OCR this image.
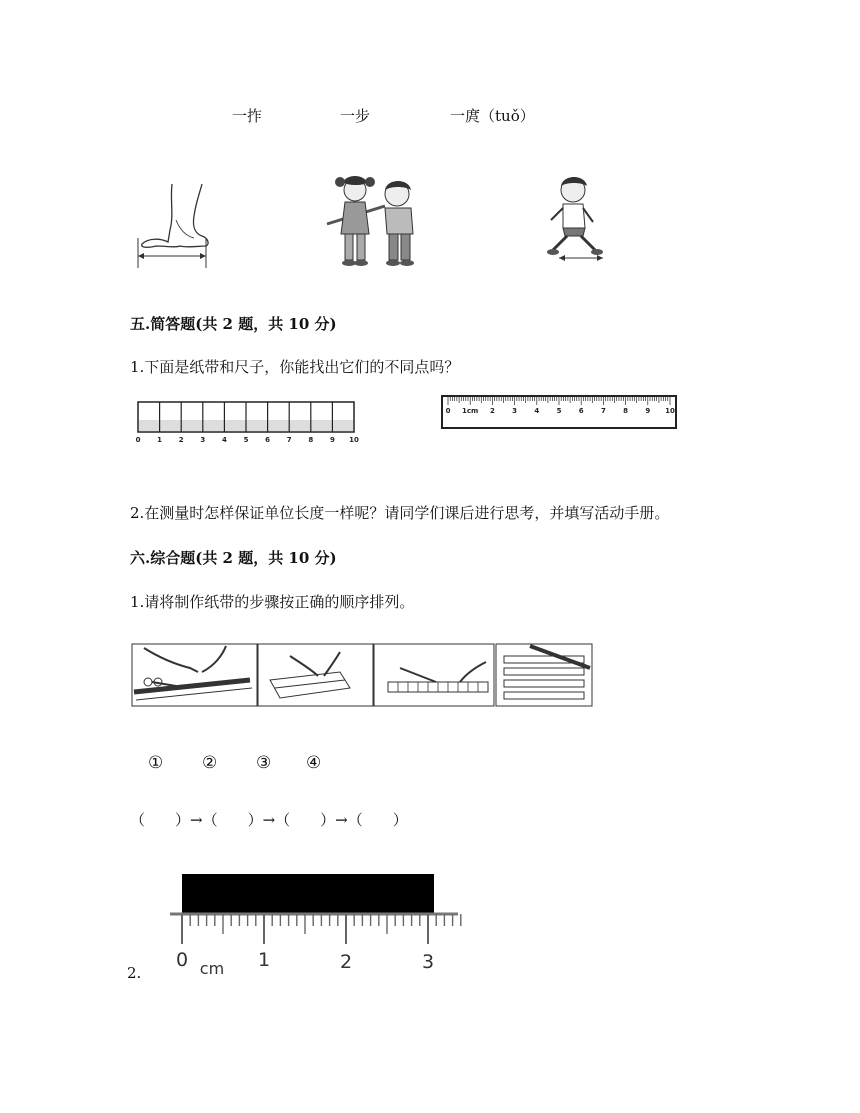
一拃	一步	一庹（tuǒ）
五.简答题(共 2 题，共 10 分)
1.下面是纸带和尺子，你能找出它们的不同点吗？
0 1 2 3 4 5 6 7 8 9 10
0 1cm 2 3 4 5 6 7 8 9 10
2.在测量时怎样保证单位长度一样呢？请同学们课后进行思考，并填写活动手册。
六.综合题(共 2 题，共 10 分)
1.请将制作纸带的步骤按正确的顺序排列。
① ② ③ ④
（　　）→（　　）→（　　）→（　　）
2.
0 cm 1	2	3
